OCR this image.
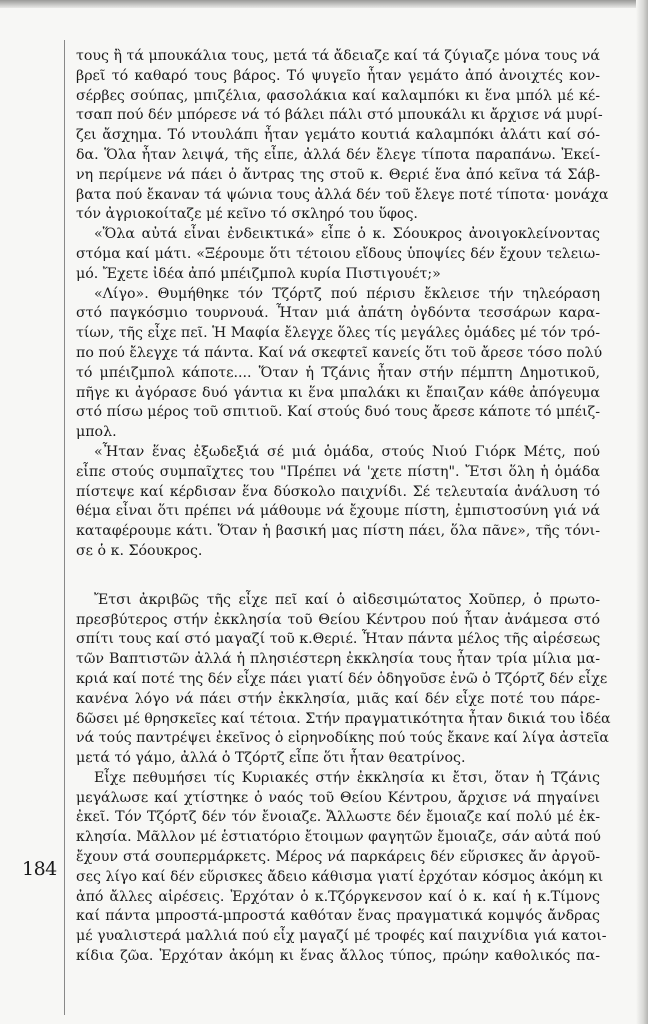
184
τους ἢ τά μπουκάλια τους, μετά τά ἄδειαζε καί τά ζύγιαζε μόνα τους νά
βρεῖ τό καθαρό τους βάρος. Τό ψυγεῖο ἦταν γεμάτο ἀπό ἀνοιχτές κον-
σέρβες σούπας, μπιζέλια, φασολάκια καί καλαμπόκι κι ἕνα μπόλ μέ κέ-
τσαπ πού δέν μπόρεσε νά τό βάλει πάλι στό μπουκάλι κι ἄρχισε νά μυρί-
ζει ἄσχημα. Τό ντουλάπι ἦταν γεμάτο κουτιά καλαμπόκι ἁλάτι καί σό-
δα. Ὅλα ἦταν λειψά, τῆς εἶπε, ἀλλά δέν ἔλεγε τίποτα παραπάνω. Ἐκεί-
νη περίμενε νά πάει ὁ ἄντρας της στοῦ κ. Θεριέ ἕνα ἀπό κεῖνα τά Σάβ-
βατα πού ἔκαναν τά ψώνια τους ἀλλά δέν τοῦ ἔλεγε ποτέ τίποτα· μονάχα
τόν ἀγριοκοίταζε μέ κεῖνο τό σκληρό του ὕφος.
«Ὅλα αὐτά εἶναι ἐνδεικτικά» εἶπε ὁ κ. Σόουκρος ἀνοιγοκλείνοντας
στόμα καί μάτι. «Ξέρουμε ὅτι τέτοιου εἴδους ὑποψίες δέν ἔχουν τελειω-
μό. Ἔχετε ἰδέα ἀπό μπέιζμπολ κυρία Πιστιγουέτ;»
«Λίγο». Θυμήθηκε τόν Τζόρτζ πού πέρισυ ἔκλεισε τήν τηλεόραση
στό παγκόσμιο τουρνουά. Ἦταν μιά ἀπάτη ὀγδόντα τεσσάρων καρα-
τίων, τῆς εἶχε πεῖ. Ἡ Μαφία ἔλεγχε ὅλες τίς μεγάλες ὁμάδες μέ τόν τρό-
πο πού ἔλεγχε τά πάντα. Καί νά σκεφτεῖ κανείς ὅτι τοῦ ἄρεσε τόσο πολύ
τό μπέιζμπολ κάποτε.... Ὅταν ἡ Τζάνις ἦταν στήν πέμπτη Δημοτικοῦ,
πῆγε κι ἀγόρασε δυό γάντια κι ἕνα μπαλάκι κι ἔπαιζαν κάθε ἀπόγευμα
στό πίσω μέρος τοῦ σπιτιοῦ. Καί στούς δυό τους ἄρεσε κάποτε τό μπέιζ-
μπολ.
«Ἦταν ἕνας ἐξωδεξιά σέ μιά ὁμάδα, στούς Νιού Γιόρκ Μέτς, πού
εἶπε στούς συμπαῖχτες του "Πρέπει νά 'χετε πίστη". Ἔτσι ὅλη ἡ ὁμάδα
πίστεψε καί κέρδισαν ἕνα δύσκολο παιχνίδι. Σέ τελευταία ἀνάλυση τό
θέμα εἶναι ὅτι πρέπει νά μάθουμε νά ἔχουμε πίστη, ἐμπιστοσύνη γιά νά
καταφέρουμε κάτι. Ὅταν ἡ βασική μας πίστη πάει, ὅλα πᾶνε», τῆς τόνι-
σε ὁ κ. Σόουκρος.
Ἔτσι ἀκριβῶς τῆς εἶχε πεῖ καί ὁ αἰδεσιμώτατος Χοῦπερ, ὁ πρωτο-
πρεσβύτερος στήν ἐκκλησία τοῦ Θείου Κέντρου πού ἦταν ἀνάμεσα στό
σπίτι τους καί στό μαγαζί τοῦ κ.Θεριέ. Ἦταν πάντα μέλος τῆς αἱρέσεως
τῶν Βαπτιστῶν ἀλλά ἡ πλησιέστερη ἐκκλησία τους ἦταν τρία μίλια μα-
κριά καί ποτέ της δέν εἶχε πάει γιατί δέν ὁδηγοῦσε ἐνῶ ὁ Τζόρτζ δέν εἶχε
κανένα λόγο νά πάει στήν ἐκκλησία, μιᾶς καί δέν εἶχε ποτέ του πάρε-
δῶσει μέ θρησκεῖες καί τέτοια. Στήν πραγματικότητα ἦταν δικιά του ἰδέα
νά τούς παντρέψει ἐκεῖνος ὁ εἰρηνοδίκης πού τούς ἔκανε καί λίγα ἀστεῖα
μετά τό γάμο, ἀλλά ὁ Τζόρτζ εἶπε ὅτι ἦταν θεατρίνος.
Εἶχε πεθυμήσει τίς Κυριακές στήν ἐκκλησία κι ἔτσι, ὅταν ἡ Τζάνις
μεγάλωσε καί χτίστηκε ὁ ναός τοῦ Θείου Κέντρου, ἄρχισε νά πηγαίνει
ἐκεῖ. Τόν Τζόρτζ δέν τόν ἔνοιαζε. Ἄλλωστε δέν ἔμοιαζε καί πολύ μέ ἐκ-
κλησία. Μᾶλλον μέ ἑστιατόριο ἔτοιμων φαγητῶν ἔμοιαζε, σάν αὐτά πού
ἔχουν στά σουπερμάρκετς. Μέρος νά παρκάρεις δέν εὕρισκες ἄν ἀργοῦ-
σες λίγο καί δέν εὕρισκες ἄδειο κάθισμα γιατί ἐρχόταν κόσμος ἀκόμη κι
ἀπό ἄλλες αἱρέσεις. Ἐρχόταν ὁ κ.Τζόργκενσον καί ὁ κ. καί ἡ κ.Τίμονς
καί πάντα μπροστά-μπροστά καθόταν ἕνας πραγματικά κομψός ἄνδρας
μέ γυαλιστερά μαλλιά πού εἶχ μαγαζί μέ τροφές καί παιχνίδια γιά κατοι-
κίδια ζῶα. Ἐρχόταν ἀκόμη κι ἕνας ἄλλος τύπος, πρώην καθολικός πα-
